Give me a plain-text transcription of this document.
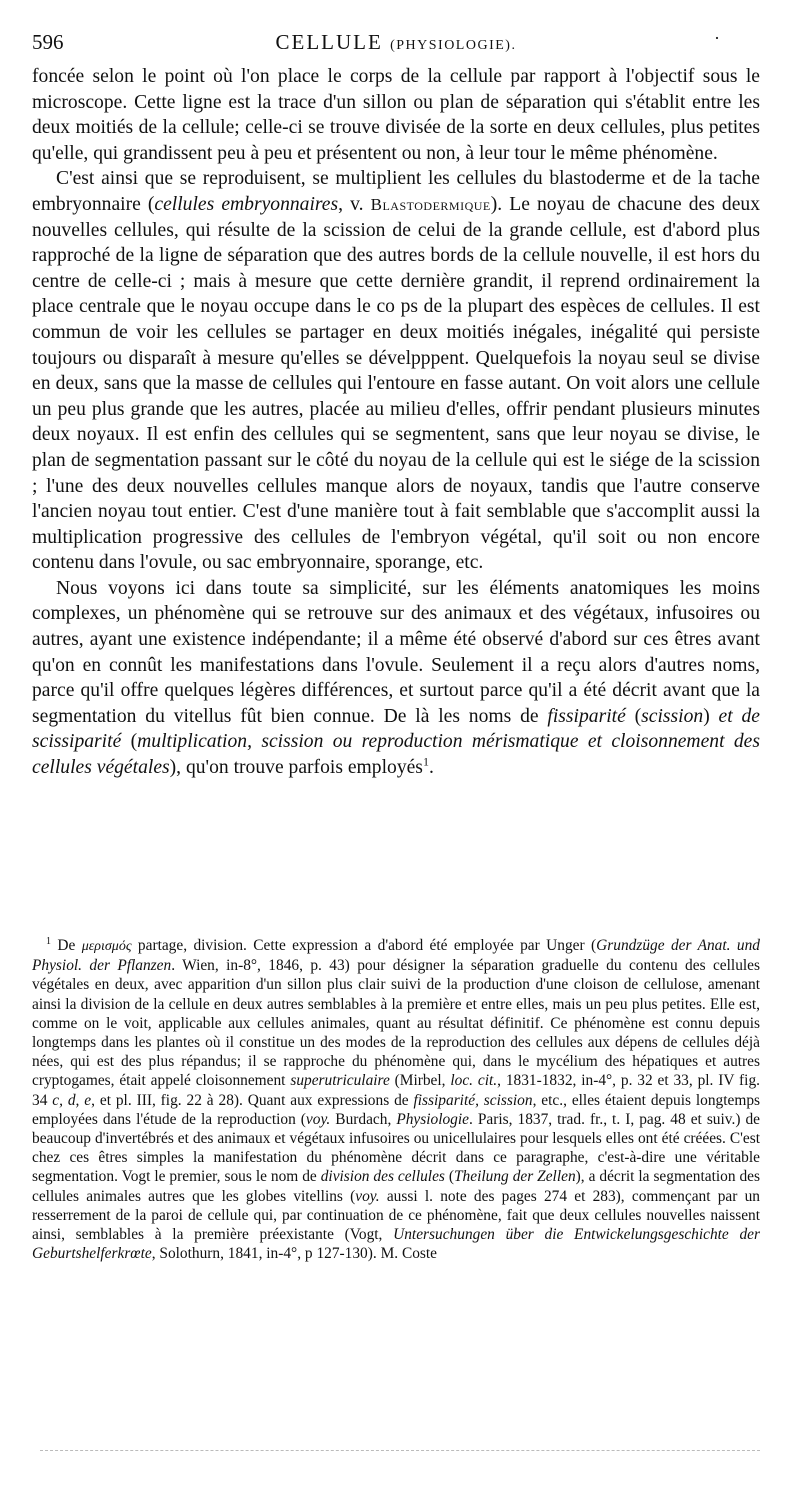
596	CELLULE (PHYSIOLOGIE).	·

foncée selon le point où l'on place le corps de la cellule par rapport à l'objectif sous le microscope. Cette ligne est la trace d'un sillon ou plan de séparation qui s'établit entre les deux moitiés de la cellule; celle-ci se trouve divisée de la sorte en deux cellules, plus petites qu'elle, qui grandissent peu à peu et présentent ou non, à leur tour le même phénomène.

C'est ainsi que se reproduisent, se multiplient les cellules du blastoderme et de la tache embryonnaire (cellules embryonnaires, v. Blastodermique). Le noyau de chacune des deux nouvelles cellules, qui résulte de la scission de celui de la grande cellule, est d'abord plus rapproché de la ligne de séparation que des autres bords de la cellule nouvelle, il est hors du centre de celle-ci ; mais à mesure que cette dernière grandit, il reprend ordinairement la place centrale que le noyau occupe dans le co ps de la plupart des espèces de cellules. Il est commun de voir les cellules se partager en deux moitiés inégales, inégalité qui persiste toujours ou disparaît à mesure qu'elles se dévelpppent. Quelquefois la noyau seul se divise en deux, sans que la masse de cellules qui l'entoure en fasse autant. On voit alors une cellule un peu plus grande que les autres, placée au milieu d'elles, offrir pendant plusieurs minutes deux noyaux. Il est enfin des cellules qui se segmentent, sans que leur noyau se divise, le plan de segmentation passant sur le côté du noyau de la cellule qui est le siége de la scission ; l'une des deux nouvelles cellules manque alors de noyaux, tandis que l'autre conserve l'ancien noyau tout entier. C'est d'une manière tout à fait semblable que s'accomplit aussi la multiplication progressive des cellules de l'embryon végétal, qu'il soit ou non encore contenu dans l'ovule, ou sac embryonnaire, sporange, etc.

Nous voyons ici dans toute sa simplicité, sur les éléments anatomiques les moins complexes, un phénomène qui se retrouve sur des animaux et des végétaux, infusoires ou autres, ayant une existence indépendante; il a même été observé d'abord sur ces êtres avant qu'on en connût les manifestations dans l'ovule. Seulement il a reçu alors d'autres noms, parce qu'il offre quelques légères différences, et surtout parce qu'il a été décrit avant que la segmentation du vitellus fût bien connue. De là les noms de fissiparité (scission) et de scissiparité (multiplication, scission ou reproduction mérismatique et cloisonnement des cellules végétales), qu'on trouve parfois employés$^1$.

$^1$ De μερισμός partage, division. Cette expression a d'abord été employée par Unger (Grundzüge der Anat. und Physiol. der Pflanzen. Wien, in-8°, 1846, p. 43) pour désigner la séparation graduelle du contenu des cellules végétales en deux, avec apparition d'un sillon plus clair suivi de la production d'une cloison de cellulose, amenant ainsi la division de la cellule en deux autres semblables à la première et entre elles, mais un peu plus petites. Elle est, comme on le voit, applicable aux cellules animales, quant au résultat définitif. Ce phénomène est connu depuis longtemps dans les plantes où il constitue un des modes de la reproduction des cellules aux dépens de cellules déjà nées, qui est des plus répandus; il se rapproche du phénomène qui, dans le mycélium des hépatiques et autres cryptogames, était appelé cloisonnement superutriculaire (Mirbel, loc. cit., 1831-1832, in-4°, p. 32 et 33, pl. IV fig. 34 c, d, e, et pl. III, fig. 22 à 28). Quant aux expressions de fissiparité, scission, etc., elles étaient depuis longtemps employées dans l'étude de la reproduction (voy. Burdach, Physiologie. Paris, 1837, trad. fr., t. I, pag. 48 et suiv.) de beaucoup d'invertébrés et des animaux et végétaux infusoires ou unicellulaires pour lesquels elles ont été créées. C'est chez ces êtres simples la manifestation du phénomène décrit dans ce paragraphe, c'est-à-dire une véritable segmentation. Vogt le premier, sous le nom de division des cellules (Theilung der Zellen), a décrit la segmentation des cellules animales autres que les globes vitellins (voy. aussi l. note des pages 274 et 283), commençant par un resserrement de la paroi de cellule qui, par continuation de ce phénomène, fait que deux cellules nouvelles naissent ainsi, semblables à la première préexistante (Vogt, Untersuchungen über die Entwickelungsgeschichte der Geburtshelferkrœte, Solothurn, 1841, in-4°, p 127-130). M. Coste
